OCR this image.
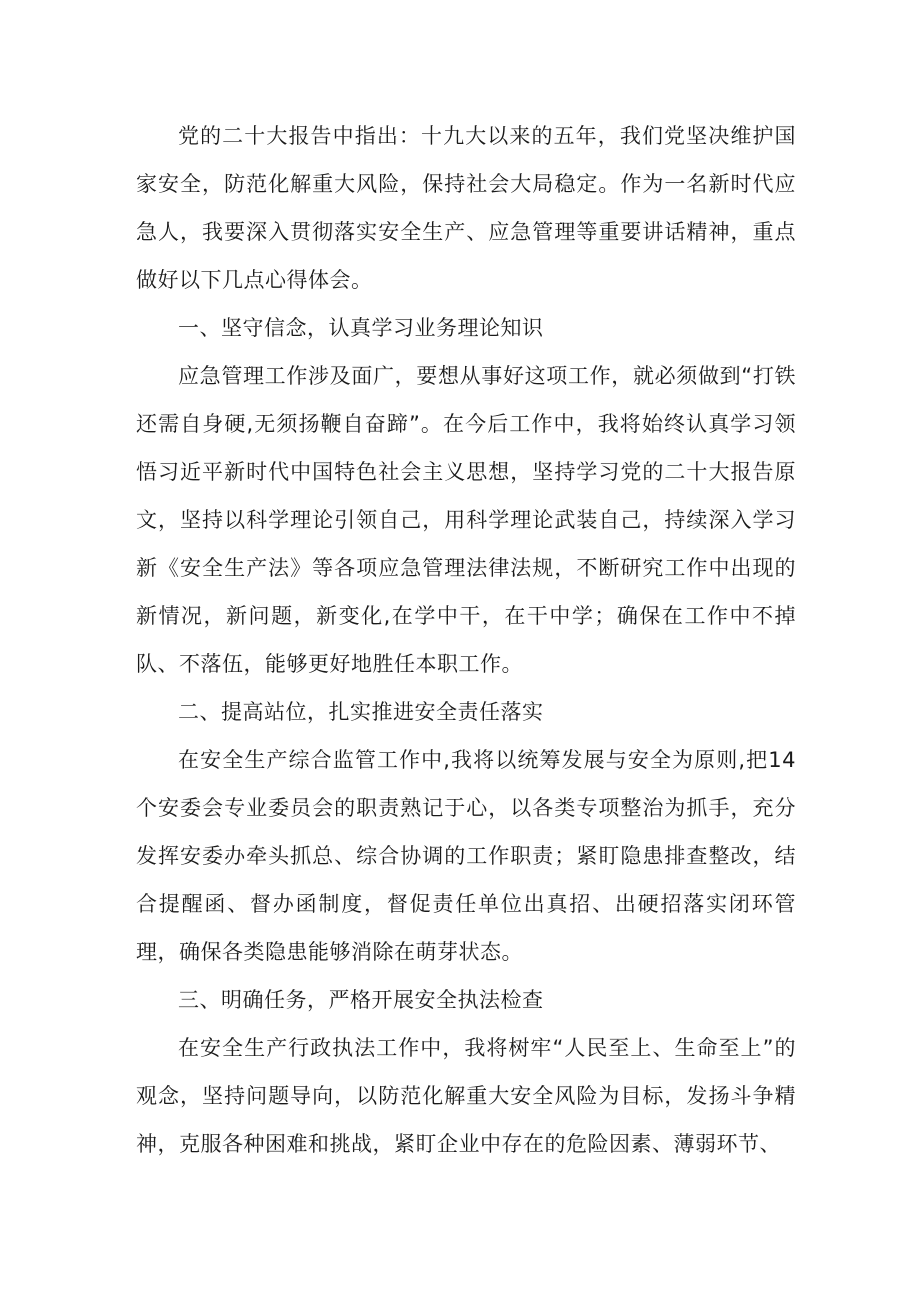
党的二十大报告中指出：十九大以来的五年，我们党坚决维护国家安全，防范化解重大风险，保持社会大局稳定。作为一名新时代应急人，我要深入贯彻落实安全生产、应急管理等重要讲话精神，重点做好以下几点心得体会。

一、坚守信念，认真学习业务理论知识

应急管理工作涉及面广，要想从事好这项工作，就必须做到“打铁还需自身硬,无须扬鞭自奋蹄”。在今后工作中，我将始终认真学习领悟习近平新时代中国特色社会主义思想，坚持学习党的二十大报告原文，坚持以科学理论引领自己，用科学理论武装自己，持续深入学习新《安全生产法》等各项应急管理法律法规，不断研究工作中出现的新情况，新问题，新变化,在学中干，在干中学；确保在工作中不掉队、不落伍，能够更好地胜任本职工作。

二、提高站位，扎实推进安全责任落实

在安全生产综合监管工作中,我将以统筹发展与安全为原则,把14个安委会专业委员会的职责熟记于心，以各类专项整治为抓手，充分发挥安委办牵头抓总、综合协调的工作职责；紧盯隐患排查整改，结合提醒函、督办函制度，督促责任单位出真招、出硬招落实闭环管理，确保各类隐患能够消除在萌芽状态。

三、明确任务，严格开展安全执法检查

在安全生产行政执法工作中，我将树牢“人民至上、生命至上”的观念，坚持问题导向，以防范化解重大安全风险为目标，发扬斗争精神，克服各种困难和挑战，紧盯企业中存在的危险因素、薄弱环节、
